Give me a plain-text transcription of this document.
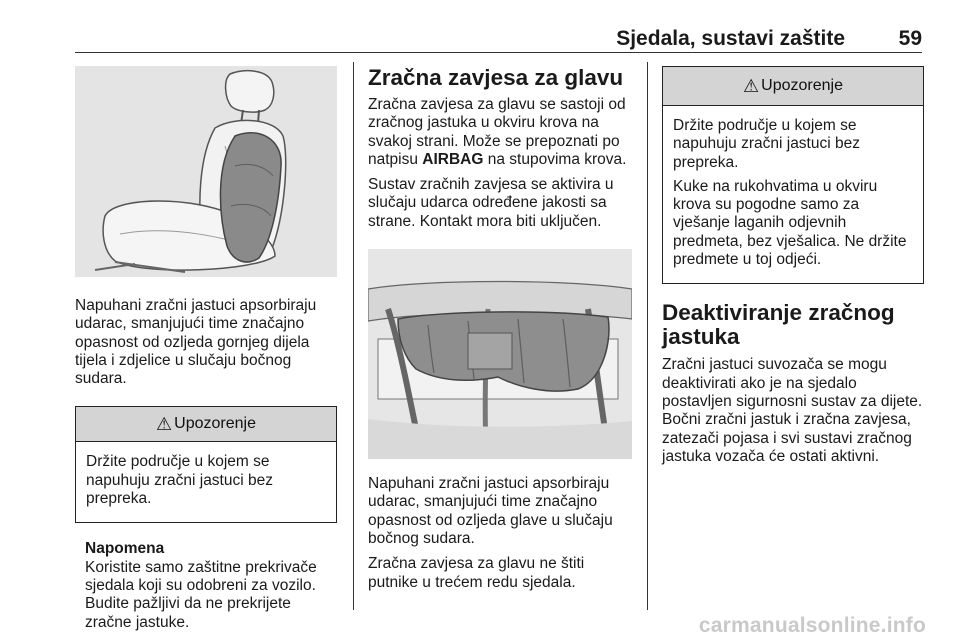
Sjedala, sustavi zaštite	59

Napuhani zračni jastuci apsorbiraju udarac, smanjujući time značajno opasnost od ozljeda gornjeg dijela tijela i zdjelice u slučaju bočnog sudara.

⚠ Upozorenje

Držite područje u kojem se napuhuju zračni jastuci bez prepreka.

Napomena

Koristite samo zaštitne prekrivače sjedala koji su odobreni za vozilo. Budite pažljivi da ne prekrijete zračne jastuke.

Zračna zavjesa za glavu

Zračna zavjesa za glavu se sastoji od zračnog jastuka u okviru krova na svakoj strani. Može se prepoznati po natpisu AIRBAG na stupovima krova.

Sustav zračnih zavjesa se aktivira u slučaju udarca određene jakosti sa strane. Kontakt mora biti uključen.

Napuhani zračni jastuci apsorbiraju udarac, smanjujući time značajno opasnost od ozljeda glave u slučaju bočnog sudara.

Zračna zavjesa za glavu ne štiti putnike u trećem redu sjedala.

⚠ Upozorenje

Držite područje u kojem se napuhuju zračni jastuci bez prepreka.

Kuke na rukohvatima u okviru krova su pogodne samo za vješanje laganih odjevnih predmeta, bez vješalica. Ne držite predmete u toj odjeći.

Deaktiviranje zračnog jastuka

Zračni jastuci suvozača se mogu deaktivirati ako je na sjedalo postavljen sigurnosni sustav za dijete. Bočni zračni jastuk i zračna zavjesa, zatezači pojasa i svi sustavi zračnog jastuka vozača će ostati aktivni.

carmanualsonline.info
